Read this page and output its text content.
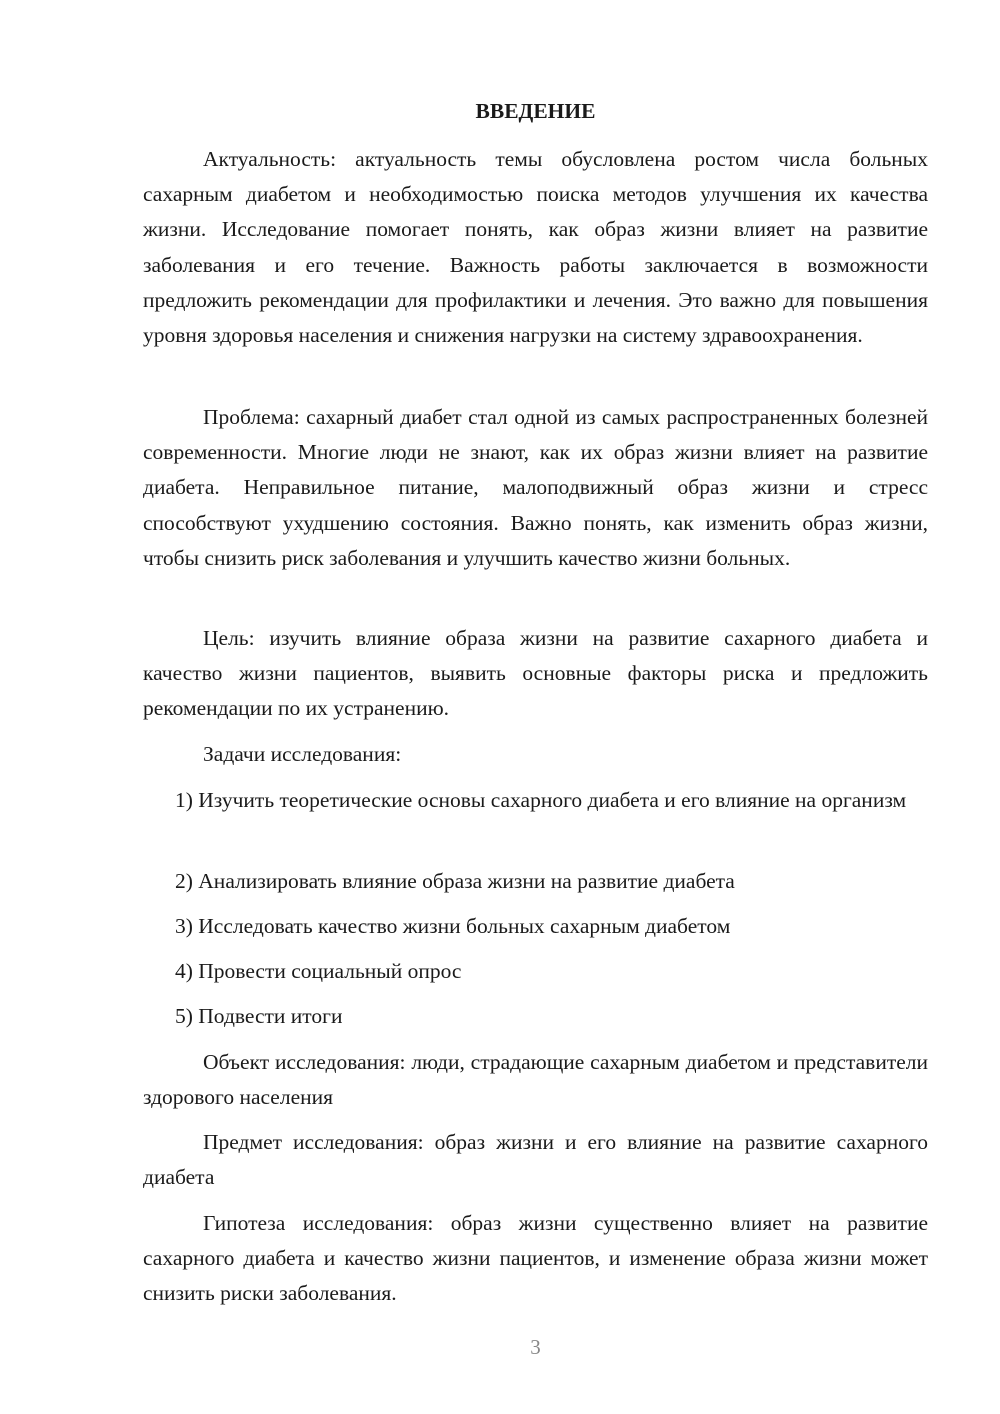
ВВЕДЕНИЕ

Актуальность: актуальность темы обусловлена ростом числа больных сахарным диабетом и необходимостью поиска методов улучшения их качества жизни. Исследование помогает понять, как образ жизни влияет на развитие заболевания и его течение. Важность работы заключается в возможности предложить рекомендации для профилактики и лечения. Это важно для повышения уровня здоровья населения и снижения нагрузки на систему здравоохранения.

Проблема: сахарный диабет стал одной из самых распространенных болезней современности. Многие люди не знают, как их образ жизни влияет на развитие диабета. Неправильное питание, малоподвижный образ жизни и стресс способствуют ухудшению состояния. Важно понять, как изменить образ жизни, чтобы снизить риск заболевания и улучшить качество жизни больных.

Цель: изучить влияние образа жизни на развитие сахарного диабета и качество жизни пациентов, выявить основные факторы риска и предложить рекомендации по их устранению.

Задачи исследования:

1) Изучить теоретические основы сахарного диабета и его влияние на организм

2) Анализировать влияние образа жизни на развитие диабета

3) Исследовать качество жизни больных сахарным диабетом

4) Провести социальный опрос

5) Подвести итоги

Объект исследования: люди, страдающие сахарным диабетом и представители здорового населения

Предмет исследования: образ жизни и его влияние на развитие сахарного диабета

Гипотеза исследования: образ жизни существенно влияет на развитие сахарного диабета и качество жизни пациентов, и изменение образа жизни может снизить риски заболевания.

3
